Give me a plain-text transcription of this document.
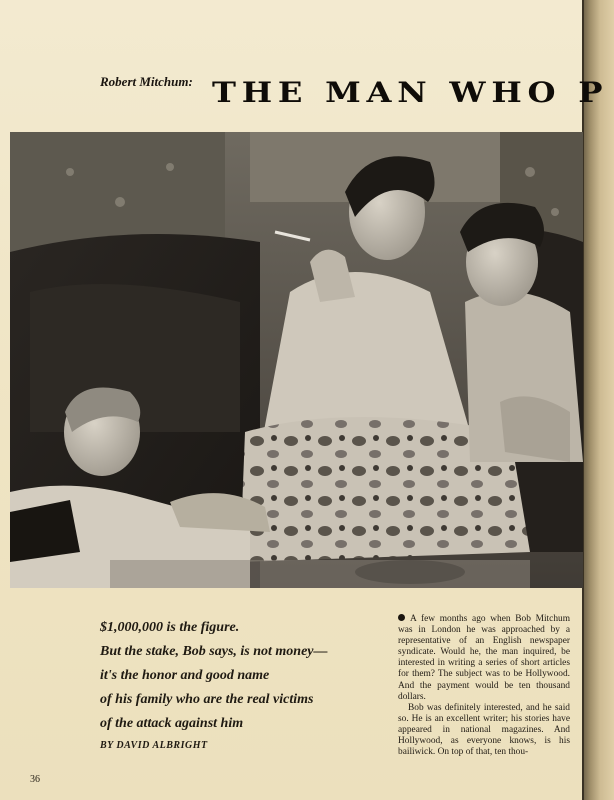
Robert Mitchum: THE MAN WHO P
$1,000,000 is the figure.
But the stake, Bob says, is not money—
it's the honor and good name
of his family who are the real victims
of the attack against him
BY DAVID ALBRIGHT

A few months ago when Bob Mitchum was in London he was approached by a representative of an English newspaper syndicate. Would he, the man inquired, be interested in writing a series of short articles for them? The subject was to be Hollywood. And the payment would be ten thousand dollars.

Bob was definitely interested, and he said so. He is an excellent writer; his stories have appeared in national magazines. And Hollywood, as everyone knows, is his bailiwick. On top of that, ten thou-

36
